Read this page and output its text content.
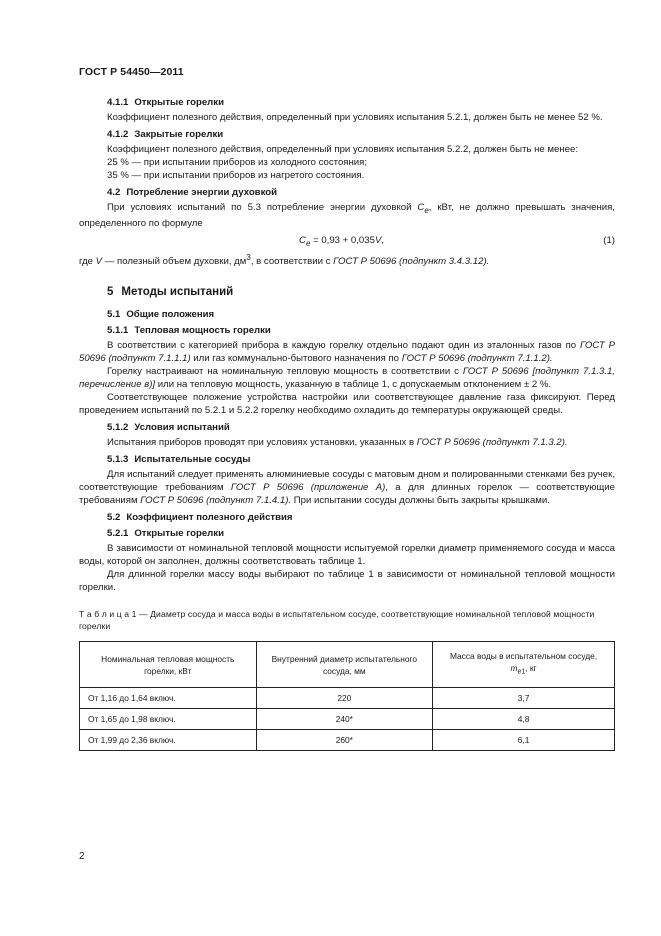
ГОСТ Р 54450—2011

4.1.1 Открытые горелки

Коэффициент полезного действия, определенный при условиях испытания 5.2.1, должен быть не менее 52 %.

4.1.2 Закрытые горелки

Коэффициент полезного действия, определенный при условиях испытания 5.2.2, должен быть не менее:

25 % — при испытании приборов из холодного состояния;

35 % — при испытании приборов из нагретого состояния.

4.2 Потребление энергии духовкой

При условиях испытаний по 5.3 потребление энергии духовкой $C_e$, кВт, не должно превышать значения, определенного по формуле

$C_e = 0,93 + 0,035V$,	(1)

где V — полезный объем духовки, $дм^3$, в соответствии с ГОСТ Р 50696 (подпункт 3.4.3.12).

5 Методы испытаний

5.1 Общие положения

5.1.1 Тепловая мощность горелки

В соответствии с категорией прибора в каждую горелку отдельно подают один из эталонных газов по ГОСТ Р 50696 (подпункт 7.1.1.1) или газ коммунально-бытового назначения по ГОСТ Р 50696 (подпункт 7.1.1.2).

Горелку настраивают на номинальную тепловую мощность в соответствии с ГОСТ Р 50696 [подпункт 7.1.3.1, перечисление в)] или на тепловую мощность, указанную в таблице 1, с допускаемым отклонением ± 2 %.

Соответствующее положение устройства настройки или соответствующее давление газа фиксируют. Перед проведением испытаний по 5.2.1 и 5.2.2 горелку необходимо охладить до температуры окружающей среды.

5.1.2 Условия испытаний

Испытания приборов проводят при условиях установки, указанных в ГОСТ Р 50696 (подпункт 7.1.3.2).

5.1.3 Испытательные сосуды

Для испытаний следует применять алюминиевые сосуды с матовым дном и полированными стенками без ручек, соответствующие требованиям ГОСТ Р 50696 (приложение А), а для длинных горелок — соответствующие требованиям ГОСТ Р 50696 (подпункт 7.1.4.1). При испытании сосуды должны быть закрыты крышками.

5.2 Коэффициент полезного действия

5.2.1 Открытые горелки

В зависимости от номинальной тепловой мощности испытуемой горелки диаметр применяемого сосуда и масса воды, которой он заполнен, должны соответствовать таблице 1.

Для длинной горелки массу воды выбирают по таблице 1 в зависимости от номинальной тепловой мощности горелки.

Т а б л и ц а 1 — Диаметр сосуда и масса воды в испытательном сосуде, соответствующие номинальной тепловой мощности горелки

Номинальная тепловая мощность горелки, кВт	Внутренний диаметр испытательного сосуда, мм	Масса воды в испытательном сосуде,
$m_{e1}$, кг
От 1,16 до 1,64 включ.	220	3,7
От 1,65 до 1,98 включ.	240*	4,8
От 1,99 до 2,36 включ.	260*	6,1
2
